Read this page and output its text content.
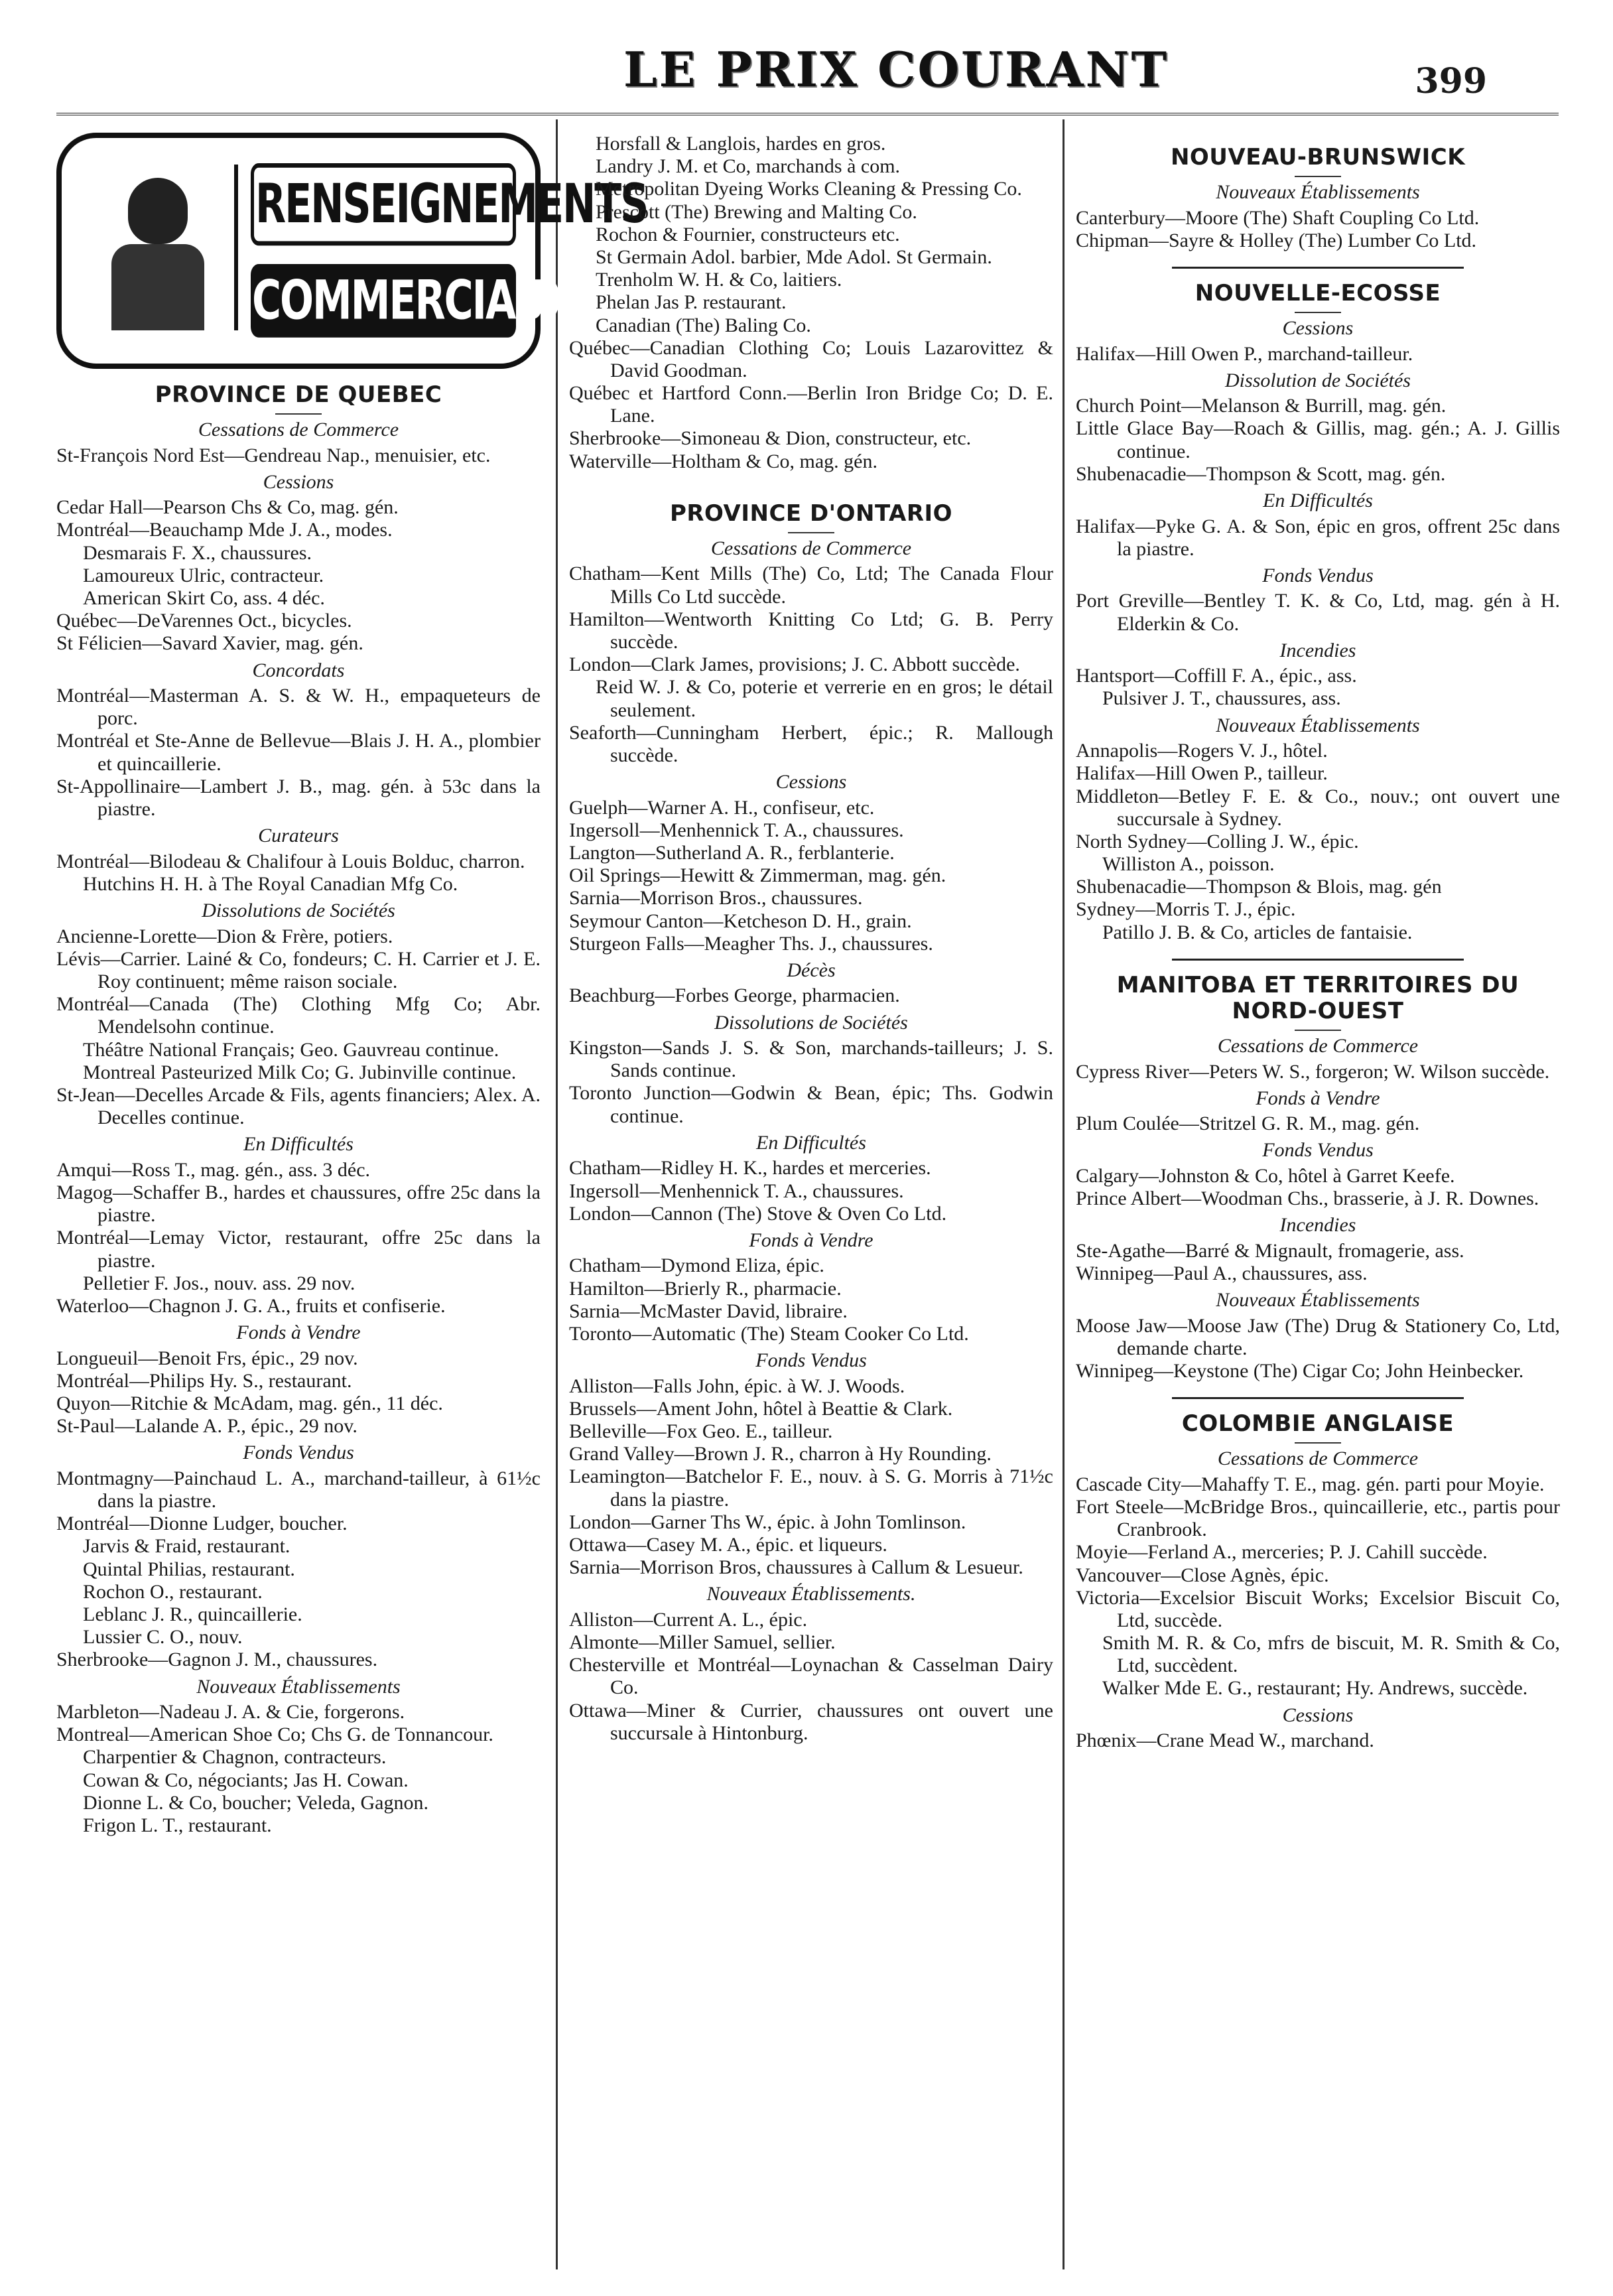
LE PRIX COURANT	399
RENSEIGNEMENTS
COMMERCIAUX
PROVINCE DE QUEBEC
Cessations de Commerce

St-François Nord Est—Gendreau Nap., menuisier, etc.

Cessions

Cedar Hall—Pearson Chs & Co, mag. gén.

Montréal—Beauchamp Mde J. A., modes.

Desmarais F. X., chaussures.

Lamoureux Ulric, contracteur.

American Skirt Co, ass. 4 déc.

Québec—DeVarennes Oct., bicycles.

St Félicien—Savard Xavier, mag. gén.

Concordats

Montréal—Masterman A. S. & W. H., empaqueteurs de porc.

Montréal et Ste-Anne de Bellevue—Blais J. H. A., plombier et quincaillerie.

St-Appollinaire—Lambert J. B., mag. gén. à 53c dans la piastre.

Curateurs

Montréal—Bilodeau & Chalifour à Louis Bolduc, charron.

Hutchins H. H. à The Royal Canadian Mfg Co.

Dissolutions de Sociétés

Ancienne-Lorette—Dion & Frère, potiers.

Lévis—Carrier. Lainé & Co, fondeurs; C. H. Carrier et J. E. Roy continuent; même raison sociale.

Montréal—Canada (The) Clothing Mfg Co; Abr. Mendelsohn continue.

Théâtre National Français; Geo. Gauvreau continue.

Montreal Pasteurized Milk Co; G. Jubinville continue.

St-Jean—Decelles Arcade & Fils, agents financiers; Alex. A. Decelles continue.

En Difficultés

Amqui—Ross T., mag. gén., ass. 3 déc.

Magog—Schaffer B., hardes et chaussures, offre 25c dans la piastre.

Montréal—Lemay Victor, restaurant, offre 25c dans la piastre.

Pelletier F. Jos., nouv. ass. 29 nov.

Waterloo—Chagnon J. G. A., fruits et confiserie.

Fonds à Vendre

Longueuil—Benoit Frs, épic., 29 nov.

Montréal—Philips Hy. S., restaurant.

Quyon—Ritchie & McAdam, mag. gén., 11 déc.

St-Paul—Lalande A. P., épic., 29 nov.

Fonds Vendus

Montmagny—Painchaud L. A., marchand-tailleur, à 61½c dans la piastre.

Montréal—Dionne Ludger, boucher.

Jarvis & Fraid, restaurant.

Quintal Philias, restaurant.

Rochon O., restaurant.

Leblanc J. R., quincaillerie.

Lussier C. O., nouv.

Sherbrooke—Gagnon J. M., chaussures.

Nouveaux Établissements

Marbleton—Nadeau J. A. & Cie, forgerons.

Montreal—American Shoe Co; Chs G. de Tonnancour.

Charpentier & Chagnon, contracteurs.

Cowan & Co, négociants; Jas H. Cowan.

Dionne L. & Co, boucher; Veleda, Gagnon.

Frigon L. T., restaurant.

Horsfall & Langlois, hardes en gros.

Landry J. M. et Co, marchands à com.

Metropolitan Dyeing Works Cleaning & Pressing Co.

Prescott (The) Brewing and Malting Co.

Rochon & Fournier, constructeurs etc.

St Germain Adol. barbier, Mde Adol. St Germain.

Trenholm W. H. & Co, laitiers.

Phelan Jas P. restaurant.

Canadian (The) Baling Co.

Québec—Canadian Clothing Co; Louis Lazarovittez & David Goodman.

Québec et Hartford Conn.—Berlin Iron Bridge Co; D. E. Lane.

Sherbrooke—Simoneau & Dion, constructeur, etc.

Waterville—Holtham & Co, mag. gén.

PROVINCE D'ONTARIO
Cessations de Commerce

Chatham—Kent Mills (The) Co, Ltd; The Canada Flour Mills Co Ltd succède.

Hamilton—Wentworth Knitting Co Ltd; G. B. Perry succède.

London—Clark James, provisions; J. C. Abbott succède.

Reid W. J. & Co, poterie et verrerie en en gros; le détail seulement.

Seaforth—Cunningham Herbert, épic.; R. Mallough succède.

Cessions

Guelph—Warner A. H., confiseur, etc.

Ingersoll—Menhennick T. A., chaussures.

Langton—Sutherland A. R., ferblanterie.

Oil Springs—Hewitt & Zimmerman, mag. gén.

Sarnia—Morrison Bros., chaussures.

Seymour Canton—Ketcheson D. H., grain.

Sturgeon Falls—Meagher Ths. J., chaussures.

Décès

Beachburg—Forbes George, pharmacien.

Dissolutions de Sociétés

Kingston—Sands J. S. & Son, marchands-tailleurs; J. S. Sands continue.

Toronto Junction—Godwin & Bean, épic; Ths. Godwin continue.

En Difficultés

Chatham—Ridley H. K., hardes et merceries.

Ingersoll—Menhennick T. A., chaussures.

London—Cannon (The) Stove & Oven Co Ltd.

Fonds à Vendre

Chatham—Dymond Eliza, épic.

Hamilton—Brierly R., pharmacie.

Sarnia—McMaster David, libraire.

Toronto—Automatic (The) Steam Cooker Co Ltd.

Fonds Vendus

Alliston—Falls John, épic. à W. J. Woods.

Brussels—Ament John, hôtel à Beattie & Clark.

Belleville—Fox Geo. E., tailleur.

Grand Valley—Brown J. R., charron à Hy Rounding.

Leamington—Batchelor F. E., nouv. à S. G. Morris à 71½c dans la piastre.

London—Garner Ths W., épic. à John Tomlinson.

Ottawa—Casey M. A., épic. et liqueurs.

Sarnia—Morrison Bros, chaussures à Callum & Lesueur.

Nouveaux Établissements.

Alliston—Current A. L., épic.

Almonte—Miller Samuel, sellier.

Chesterville et Montréal—Loynachan & Casselman Dairy Co.

Ottawa—Miner & Currier, chaussures ont ouvert une succursale à Hintonburg.

NOUVEAU-BRUNSWICK
Nouveaux Établissements

Canterbury—Moore (The) Shaft Coupling Co Ltd.

Chipman—Sayre & Holley (The) Lumber Co Ltd.

NOUVELLE-ECOSSE
Cessions

Halifax—Hill Owen P., marchand-tailleur.

Dissolution de Sociétés

Church Point—Melanson & Burrill, mag. gén.

Little Glace Bay—Roach & Gillis, mag. gén.; A. J. Gillis continue.

Shubenacadie—Thompson & Scott, mag. gén.

En Difficultés

Halifax—Pyke G. A. & Son, épic en gros, offrent 25c dans la piastre.

Fonds Vendus

Port Greville—Bentley T. K. & Co, Ltd, mag. gén à H. Elderkin & Co.

Incendies

Hantsport—Coffill F. A., épic., ass.

Pulsiver J. T., chaussures, ass.

Nouveaux Établissements

Annapolis—Rogers V. J., hôtel.

Halifax—Hill Owen P., tailleur.

Middleton—Betley F. E. & Co., nouv.; ont ouvert une succursale à Sydney.

North Sydney—Colling J. W., épic.

Williston A., poisson.

Shubenacadie—Thompson & Blois, mag. gén

Sydney—Morris T. J., épic.

Patillo J. B. & Co, articles de fantaisie.

MANITOBA ET TERRITOIRES DU NORD-OUEST
Cessations de Commerce

Cypress River—Peters W. S., forgeron; W. Wilson succède.

Fonds à Vendre

Plum Coulée—Stritzel G. R. M., mag. gén.

Fonds Vendus

Calgary—Johnston & Co, hôtel à Garret Keefe.

Prince Albert—Woodman Chs., brasserie, à J. R. Downes.

Incendies

Ste-Agathe—Barré & Mignault, fromagerie, ass.

Winnipeg—Paul A., chaussures, ass.

Nouveaux Établissements

Moose Jaw—Moose Jaw (The) Drug & Stationery Co, Ltd, demande charte.

Winnipeg—Keystone (The) Cigar Co; John Heinbecker.

COLOMBIE ANGLAISE
Cessations de Commerce

Cascade City—Mahaffy T. E., mag. gén. parti pour Moyie.

Fort Steele—McBridge Bros., quincaillerie, etc., partis pour Cranbrook.

Moyie—Ferland A., merceries; P. J. Cahill succède.

Vancouver—Close Agnès, épic.

Victoria—Excelsior Biscuit Works; Excelsior Biscuit Co, Ltd, succède.

Smith M. R. & Co, mfrs de biscuit, M. R. Smith & Co, Ltd, succèdent.

Walker Mde E. G., restaurant; Hy. Andrews, succède.

Cessions

Phœnix—Crane Mead W., marchand.
